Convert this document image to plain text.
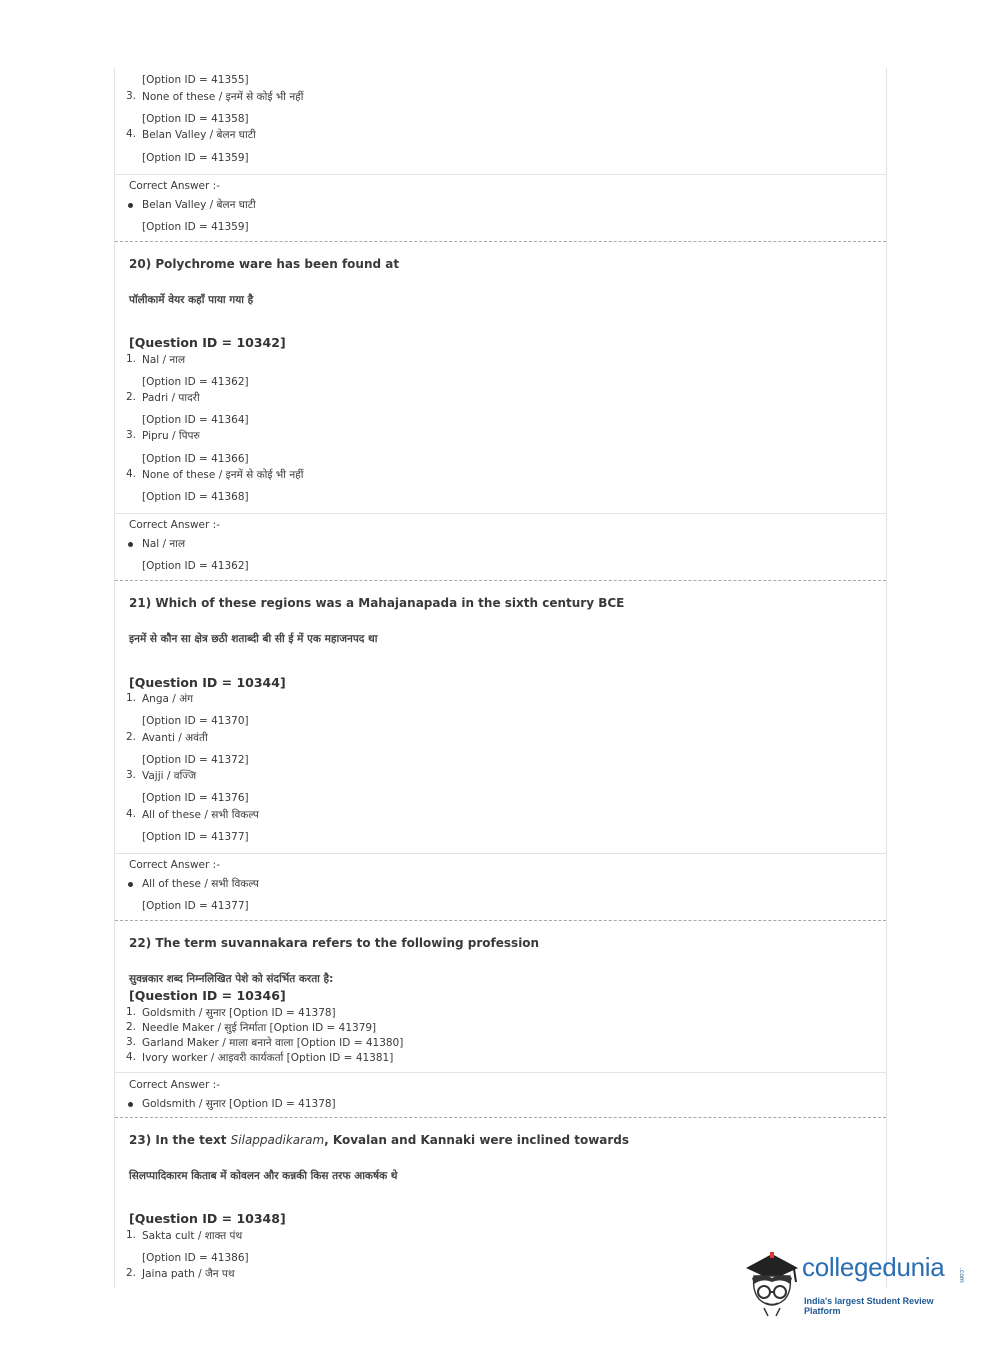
[Option ID = 41355]
3. None of these / इनमें से कोई भी नहीं
[Option ID = 41358]
4. Belan Valley / बेलन घाटी
[Option ID = 41359]
Correct Answer :-
Belan Valley / बेलन घाटी
[Option ID = 41359]
20) Polychrome ware has been found at
पॉलीकार्मे वेयर कहाँ पाया गया है
[Question ID = 10342]
1. Nal / नाल
[Option ID = 41362]
2. Padri / पादरी
[Option ID = 41364]
3. Pipru / पिपरु
[Option ID = 41366]
4. None of these / इनमें से कोई भी नहीं
[Option ID = 41368]
Correct Answer :-
Nal / नाल
[Option ID = 41362]
21) Which of these regions was a Mahajanapada in the sixth century BCE
इनमें से कौन सा क्षेत्र छठी शताब्दी बी सी ई में एक महाजनपद था
[Question ID = 10344]
1. Anga / अंग
[Option ID = 41370]
2. Avanti / अवंती
[Option ID = 41372]
3. Vajji / वज्जि
[Option ID = 41376]
4. All of these / सभी विकल्प
[Option ID = 41377]
Correct Answer :-
All of these / सभी विकल्प
[Option ID = 41377]
22) The term suvannakara refers to the following profession
सुवन्नकार शब्द निम्नलिखित पेशे को संदर्भित करता है:
[Question ID = 10346]
1. Goldsmith / सुनार [Option ID = 41378]
2. Needle Maker / सुई निर्माता [Option ID = 41379]
3. Garland Maker / माला बनाने वाला [Option ID = 41380]
4. Ivory worker / आइवरी कार्यकर्ता [Option ID = 41381]
Correct Answer :-
Goldsmith / सुनार [Option ID = 41378]
23) In the text Silappadikaram, Kovalan and Kannaki were inclined towards
सिलप्पादिकारम किताब में कोवलन और कन्नकी किस तरफ आकर्षक थे
[Question ID = 10348]
1. Sakta cult / शाक्त पंथ
[Option ID = 41386]
2. Jaina path / जैन पथ	collegedunia .com
India's largest Student Review Platform
